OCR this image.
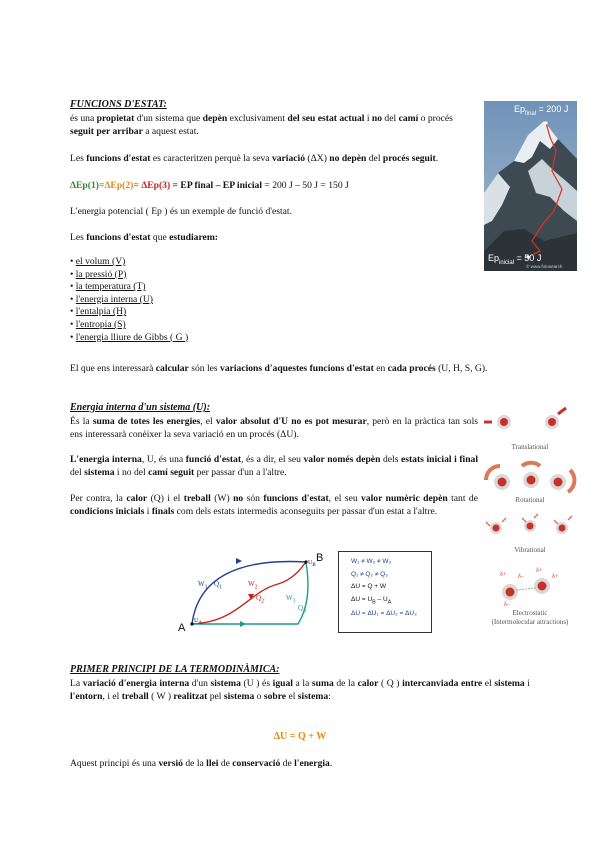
FUNCIONS D'ESTAT:
és una propietat d'un sistema que depèn exclusivament del seu estat actual i no del camí o procés seguit per arribar a aquest estat.
Les funcions d'estat es caracteritzen perquè la seva variació (ΔX) no depèn del procés seguit.
ΔEp(1)=ΔEp(2)= ΔEp(3) = EP final – EP inicial = 200 J – 50 J = 150 J
L'energia potencial ( Ep ) és un exemple de funció d'estat.
Les funcions d'estat que estudiarem:
• el volum (V)
• la pressió (P)
• la temperatura (T)
• l'energia interna (U)
• l'entalpia (H)
• l'entropia (S)
• l'energia lliure de Gibbs ( G )
El que ens interessarà calcular són les variacions d'aquestes funcions d'estat en cada procés (U, H, S, G).
$Ep_{final} = 200$ J
$Ep_{inicial} = 50$ J
© www.fotosearch
Energia interna d'un sistema (U):
És la suma de totes les energies, el valor absolut d'U no es pot mesurar, però en la pràctica tan sols ens interessarà conèixer la seva variació en un procés (ΔU).
L'energia interna, U, és una funció d'estat, és a dir, el seu valor només depèn dels estats inicial i final del sistema i no del camí seguit per passar d'un a l'altre.
Per contra, la calor (Q) i el treball (W) no són funcions d'estat, el seu valor numèric depèn tant de condicions inicials i finals com dels estats intermedis aconseguits per passar d'un estat a l'altre.
δ+ δ−
δ+
δ+
δ−
Translational
Rotational
Vibrational
Electrostatic
(Intermolecular attractions)
A
B
$U_A$
$U_B$
$W_1$ $Q_1$	$W_2$
$Q_2$	$W_3$
$Q_3$
W₁ ≠ W₂ ≠ W₃
Q₁ ≠ Q₂ ≠ Q₃
ΔU = Q + W
$\Delta U = U_B - U_A$
ΔU = ΔU₁ = ΔU₂ = ΔU₃
PRIMER PRINCIPI DE LA TERMODINÀMICA:
La variació d'energia interna d'un sistema (U ) és igual a la suma de la calor ( Q ) intercanviada entre el sistema i l'entorn, i el treball ( W ) realitzat pel sistema o sobre el sistema:
ΔU = Q + W
Aquest principi és una versió de la llei de conservació de l'energia.
